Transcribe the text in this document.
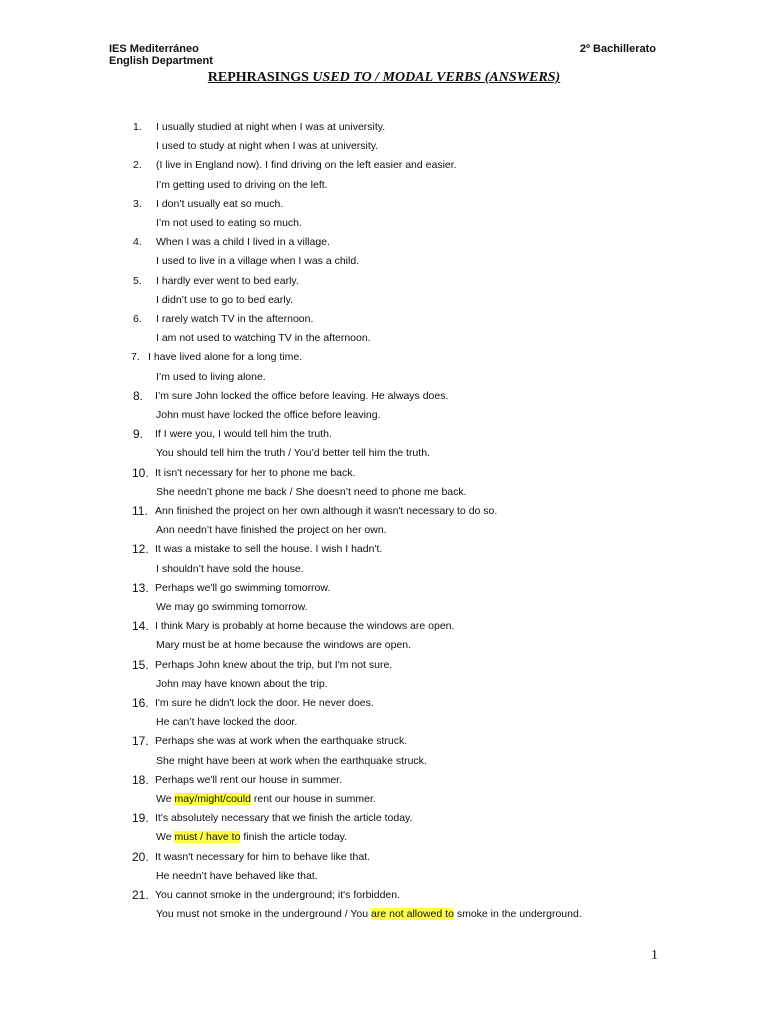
IES Mediterráneo
English Department
2º Bachillerato
REPHRASINGS USED TO / MODAL VERBS (ANSWERS)
1.	I usually studied at night when I was at university.
I used to study at night when I was at university.
2.	(I live in England now). I find driving on the left easier and easier.
I’m getting used to driving on the left.
3.	I don’t usually eat so much.
I’m not used to eating so much.
4.	When I was a child I lived in a village.
I used to live in a village when I was a child.
5.	I hardly ever went to bed early.
I didn’t use to go to bed early.
6.	I rarely watch TV in the afternoon.
I am not used to watching TV in the afternoon.
7. I have lived alone for a long time.
I’m used to living alone.
8.	I’m sure John locked the office before leaving. He always does.
John must have locked the office before leaving.
9.	If I were you, I would tell him the truth.
You should tell him the truth / You’d better tell him the truth.
10. It isn't necessary for her to phone me back.
She needn’t phone me back / She doesn’t need to phone me back.
11. Ann finished the project on her own although it wasn't necessary to do so.
Ann needn’t have finished the project on her own.
12. It was a mistake to sell the house. I wish I hadn't.
I shouldn’t have sold the house.
13. Perhaps we'll go swimming tomorrow.
We may go swimming tomorrow.
14. I think Mary is probably at home because the windows are open.
Mary must be at home because the windows are open.
15. Perhaps John knew about the trip, but I'm not sure.
John may have known about the trip.
16. I'm sure he didn't lock the door. He never does.
He can’t have locked the door.
17. Perhaps she was at work when the earthquake struck.
She might have been at work when the earthquake struck.
18. Perhaps we'll rent our house in summer.
We may/might/could rent our house in summer.
19. It's absolutely necessary that we finish the article today.
We must / have to finish the article today.
20. It wasn't necessary for him to behave like that.
He needn’t have behaved like that.
21. You cannot smoke in the underground; it's forbidden.
You must not smoke in the underground / You are not allowed to smoke in the underground.
1
